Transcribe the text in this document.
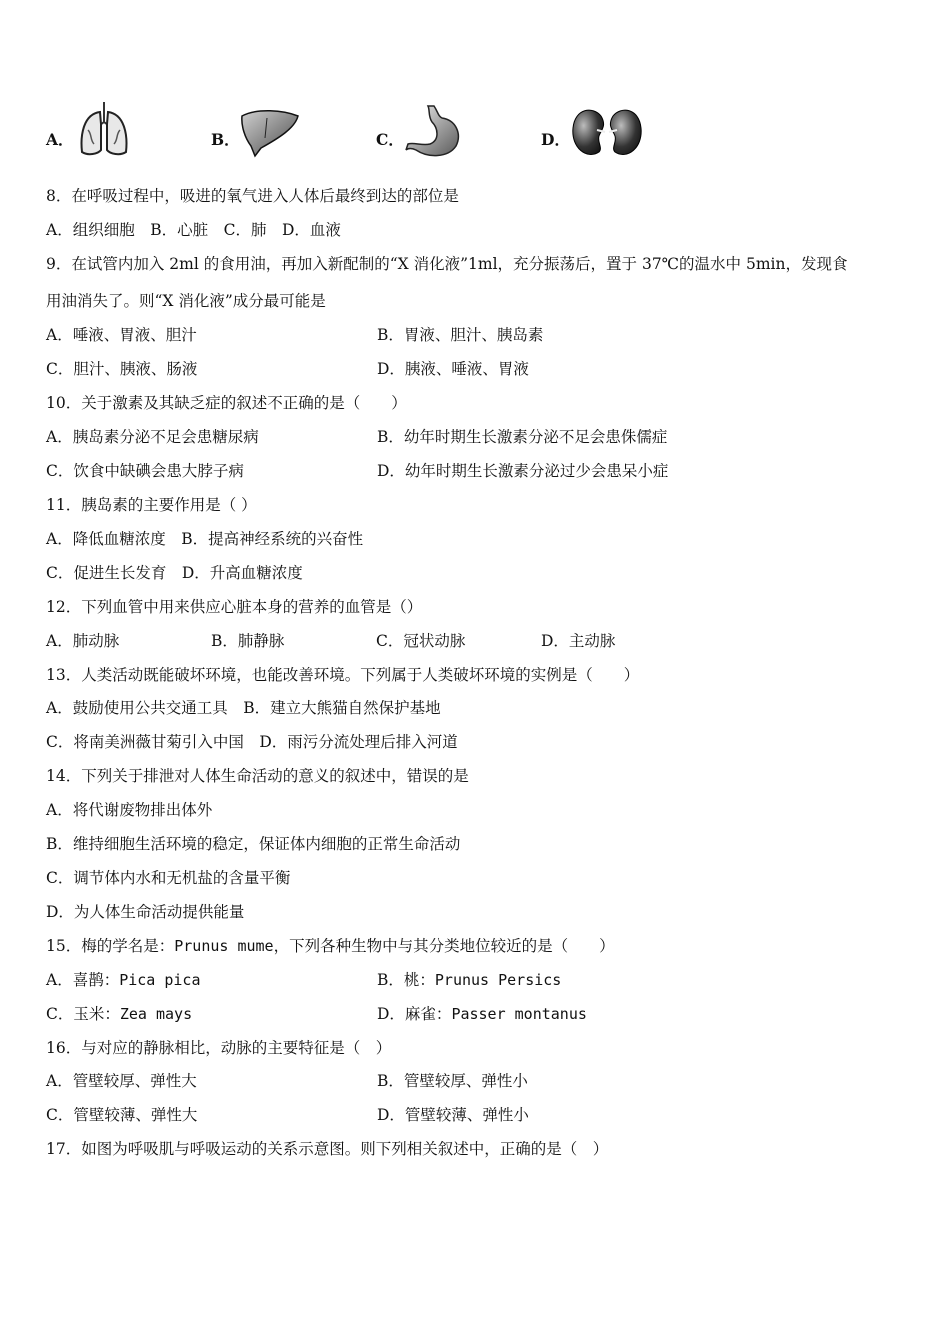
A．	B．	C．	D．
8．在呼吸过程中，吸进的氧气进入人体后最终到达的部位是
A．组织细胞　B．心脏　C．肺　D．血液
9．在试管内加入 2ml 的食用油，再加入新配制的“X 消化液”1ml，充分振荡后，置于 37℃的温水中 5min，发现食
用油消失了。则“X 消化液”成分最可能是
A．唾液、胃液、胆汁	B．胃液、胆汁、胰岛素
C．胆汁、胰液、肠液	D．胰液、唾液、胃液
10．关于激素及其缺乏症的叙述不正确的是（　　）
A．胰岛素分泌不足会患糖尿病	B．幼年时期生长激素分泌不足会患侏儒症
C．饮食中缺碘会患大脖子病	D．幼年时期生长激素分泌过少会患呆小症
11．胰岛素的主要作用是（ ）
A．降低血糖浓度　B．提高神经系统的兴奋性
C．促进生长发育　D．升高血糖浓度
12．下列血管中用来供应心脏本身的营养的血管是（）
A．肺动脉	B．肺静脉	C．冠状动脉	D．主动脉
13．人类活动既能破坏环境，也能改善环境。下列属于人类破坏环境的实例是（　　）
A．鼓励使用公共交通工具　B．建立大熊猫自然保护基地
C．将南美洲薇甘菊引入中国　D．雨污分流处理后排入河道
14．下列关于排泄对人体生命活动的意义的叙述中，错误的是
A．将代谢废物排出体外
B．维持细胞生活环境的稳定，保证体内细胞的正常生命活动
C．调节体内水和无机盐的含量平衡
D．为人体生命活动提供能量
15．梅的学名是：Prunus mume，下列各种生物中与其分类地位较近的是（　　）
A．喜鹊：Pica pica	B．桃：Prunus Persics
C．玉米：Zea mays	D．麻雀：Passer montanus
16．与对应的静脉相比，动脉的主要特征是（　）
A．管壁较厚、弹性大	B．管壁较厚、弹性小
C．管壁较薄、弹性大	D．管壁较薄、弹性小
17．如图为呼吸肌与呼吸运动的关系示意图。则下列相关叙述中，正确的是（　）
